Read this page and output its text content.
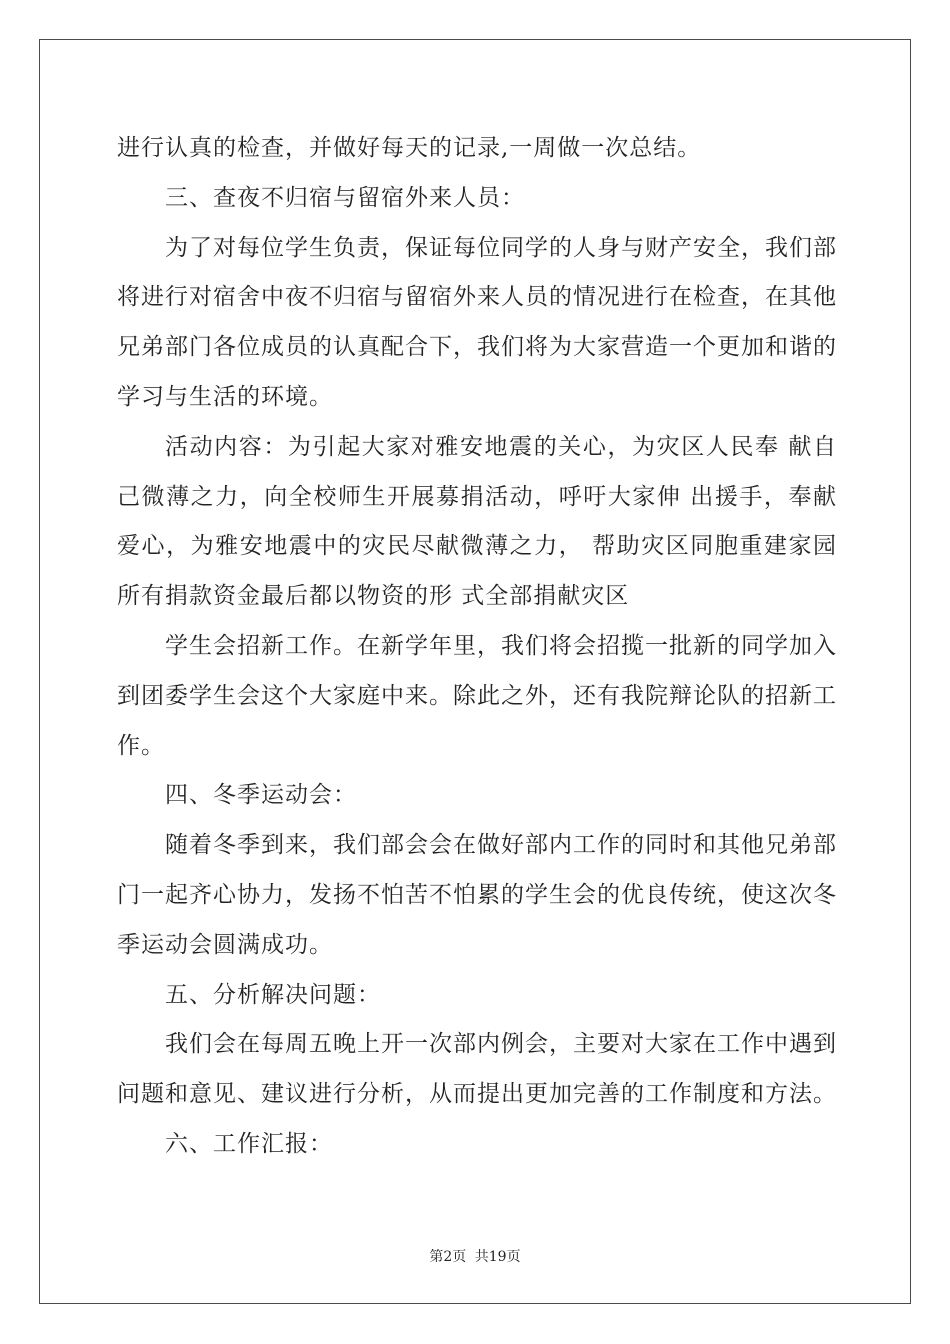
进行认真的检查，并做好每天的记录,一周做一次总结。
三、查夜不归宿与留宿外来人员：
为了对每位学生负责，保证每位同学的人身与财产安全，我们部
将进行对宿舍中夜不归宿与留宿外来人员的情况进行在检查，在其他
兄弟部门各位成员的认真配合下，我们将为大家营造一个更加和谐的
学习与生活的环境。
活动内容：为引起大家对雅安地震的关心，为灾区人民奉 献自
己微薄之力，向全校师生开展募捐活动，呼吁大家伸 出援手，奉献
爱心，为雅安地震中的灾民尽献微薄之力， 帮助灾区同胞重建家园
所有捐款资金最后都以物资的形 式全部捐献灾区
学生会招新工作。在新学年里，我们将会招揽一批新的同学加入
到团委学生会这个大家庭中来。除此之外，还有我院辩论队的招新工
作。
四、冬季运动会：
随着冬季到来，我们部会会在做好部内工作的同时和其他兄弟部
门一起齐心协力，发扬不怕苦不怕累的学生会的优良传统，使这次冬
季运动会圆满成功。
五、分析解决问题：
我们会在每周五晚上开一次部内例会，主要对大家在工作中遇到
问题和意见、建议进行分析，从而提出更加完善的工作制度和方法。
六、工作汇报：
第2页 共19页
